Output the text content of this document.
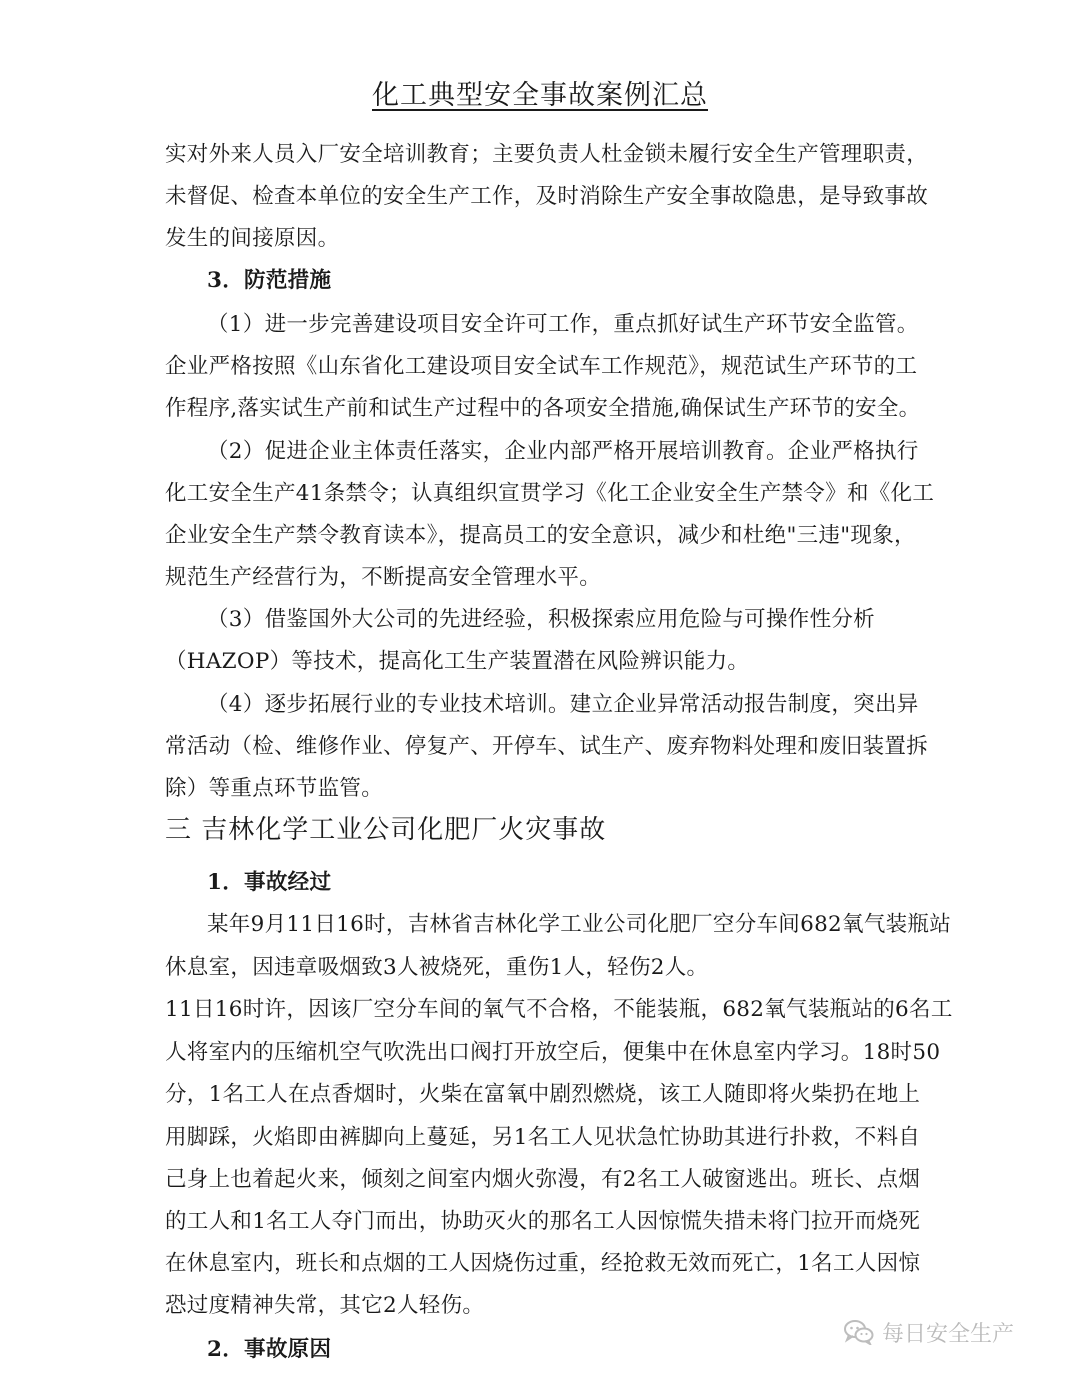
化工典型安全事故案例汇总
实对外来人员入厂安全培训教育；主要负责人杜金锁未履行安全生产管理职责，
未督促、检查本单位的安全生产工作，及时消除生产安全事故隐患，是导致事故
发生的间接原因。
3．防范措施
（1）进一步完善建设项目安全许可工作，重点抓好试生产环节安全监管。
企业严格按照《山东省化工建设项目安全试车工作规范》，规范试生产环节的工
作程序,落实试生产前和试生产过程中的各项安全措施,确保试生产环节的安全。
（2）促进企业主体责任落实，企业内部严格开展培训教育。企业严格执行
化工安全生产41条禁令；认真组织宣贯学习《化工企业安全生产禁令》和《化工
企业安全生产禁令教育读本》，提高员工的安全意识，减少和杜绝"三违"现象，
规范生产经营行为，不断提高安全管理水平。
（3）借鉴国外大公司的先进经验，积极探索应用危险与可操作性分析
（HAZOP）等技术，提高化工生产装置潜在风险辨识能力。
（4）逐步拓展行业的专业技术培训。建立企业异常活动报告制度，突出异
常活动（检、维修作业、停复产、开停车、试生产、废弃物料处理和废旧装置拆
除）等重点环节监管。
三 吉林化学工业公司化肥厂火灾事故
1．事故经过
某年9月11日16时，吉林省吉林化学工业公司化肥厂空分车间682氧气装瓶站
休息室，因违章吸烟致3人被烧死，重伤1人，轻伤2人。
11日16时许，因该厂空分车间的氧气不合格，不能装瓶，682氧气装瓶站的6名工
人将室内的压缩机空气吹洗出口阀打开放空后，便集中在休息室内学习。18时50
分，1名工人在点香烟时，火柴在富氧中剧烈燃烧，该工人随即将火柴扔在地上
用脚踩，火焰即由裤脚向上蔓延，另1名工人见状急忙协助其进行扑救，不料自
己身上也着起火来，倾刻之间室内烟火弥漫，有2名工人破窗逃出。班长、点烟
的工人和1名工人夺门而出，协助灭火的那名工人因惊慌失措未将门拉开而烧死
在休息室内，班长和点烟的工人因烧伤过重，经抢救无效而死亡，1名工人因惊
恐过度精神失常，其它2人轻伤。
2．事故原因
每日安全生产
